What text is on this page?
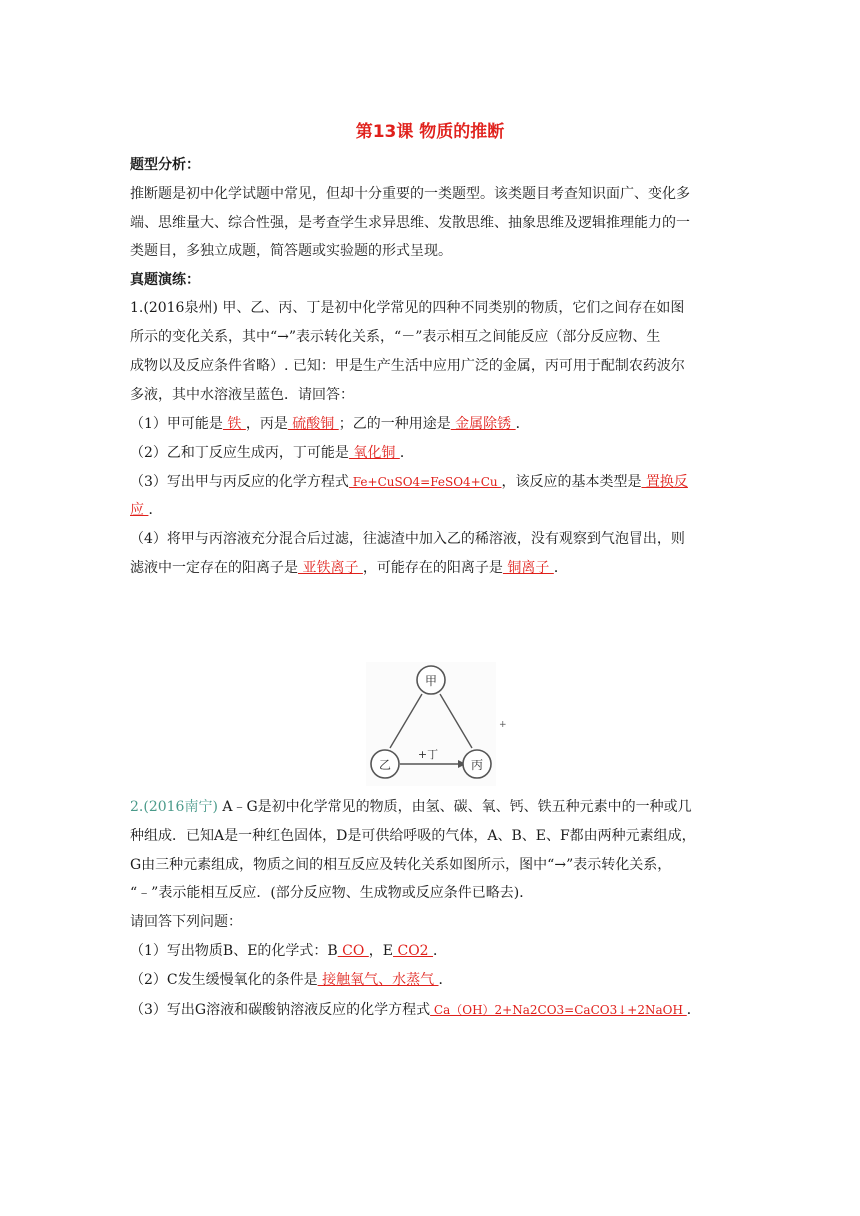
第13课 物质的推断
题型分析：
推断题是初中化学试题中常见，但却十分重要的一类题型。该类题目考查知识面广、变化多
端、思维量大、综合性强，是考查学生求异思维、发散思维、抽象思维及逻辑推理能力的一
类题目，多独立成题，简答题或实验题的形式呈现。
真题演练：
1.(2016泉州) 甲、乙、丙、丁是初中化学常见的四种不同类别的物质，它们之间存在如图
所示的变化关系，其中“→”表示转化关系，“－”表示相互之间能反应（部分反应物、生
成物以及反应条件省略）. 已知：甲是生产生活中应用广泛的金属，丙可用于配制农药波尔
多液，其中水溶液呈蓝色．请回答：
（1）甲可能是 铁 ，丙是 硫酸铜 ；乙的一种用途是 金属除锈 ．
（2）乙和丁反应生成丙，丁可能是 氧化铜 ．
（3）写出甲与丙反应的化学方程式 Fe+CuSO4=FeSO4+Cu ，该反应的基本类型是 置换反
应 ．
（4）将甲与丙溶液充分混合后过滤，往滤渣中加入乙的稀溶液，没有观察到气泡冒出，则
滤液中一定存在的阳离子是 亚铁离子 ，可能存在的阳离子是 铜离子 ．
甲
乙	丙
+丁
+
2.(2016南宁) A﹣G是初中化学常见的物质，由氢、碳、氧、钙、铁五种元素中的一种或几
种组成．已知A是一种红色固体，D是可供给呼吸的气体，A、B、E、F都由两种元素组成，
G由三种元素组成，物质之间的相互反应及转化关系如图所示，图中“→”表示转化关系，
“﹣”表示能相互反应．(部分反应物、生成物或反应条件已略去)．
请回答下列问题：
（1）写出物质B、E的化学式：B CO ，E CO2 ．
（2）C发生缓慢氧化的条件是 接触氧气、水蒸气 ．
（3）写出G溶液和碳酸钠溶液反应的化学方程式 Ca（OH）2+Na2CO3=CaCO3↓+2NaOH ．
